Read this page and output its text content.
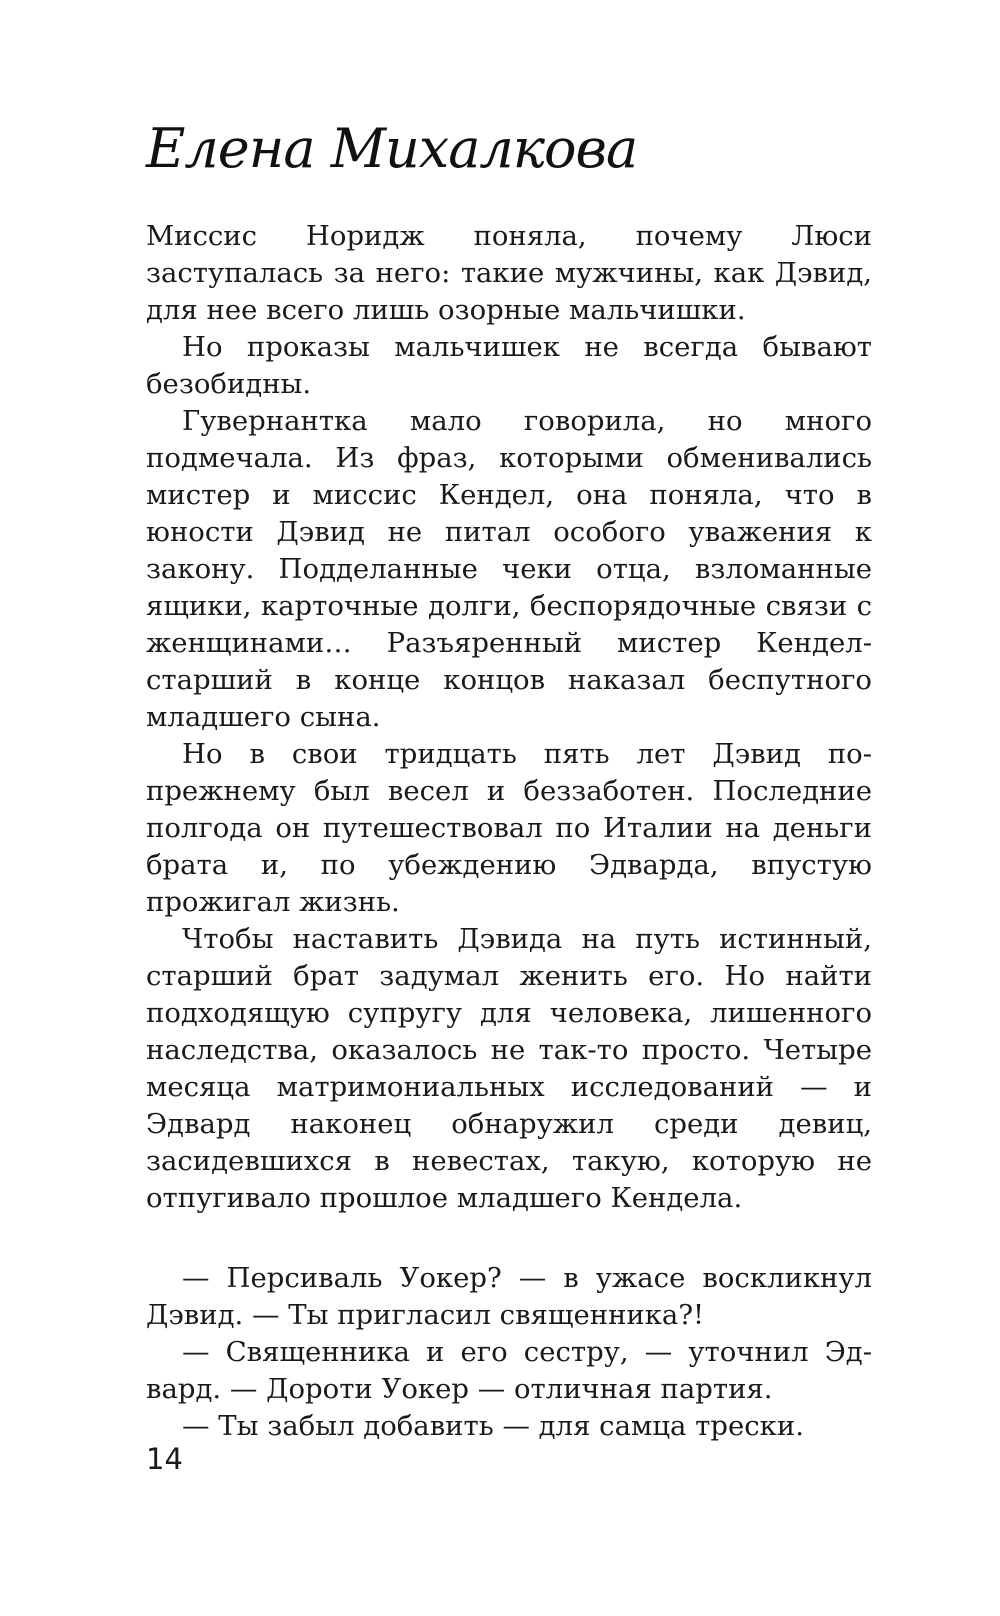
Елена Михалкова

Миссис Норидж поняла, почему Люси заступалась за него: такие мужчины, как Дэвид, для нее всего лишь озорные мальчишки.

Но проказы мальчишек не всегда бывают безобидны.

Гувернантка мало говорила, но много подмечала. Из фраз, которыми обменивались мистер и миссис Кендел, она поняла, что в юности Дэвид не питал особого уважения к закону. Подделанные чеки отца, взломанные ящики, карточные долги, беспорядочные связи с женщинами… Разъяренный мистер Кендел-старший в конце концов наказал беспутного младшего сына.

Но в свои тридцать пять лет Дэвид по-прежнему был весел и беззаботен. Последние полгода он путешествовал по Италии на деньги брата и, по убеждению Эдварда, впустую прожигал жизнь.

Чтобы наставить Дэвида на путь истинный, старший брат задумал женить его. Но найти подходящую супругу для человека, лишенного наследства, оказалось не так-то просто. Четыре месяца матримониальных исследований — и Эдвард наконец обнаружил среди девиц, засидевшихся в невестах, такую, которую не отпугивало прошлое младшего Кендела.

— Персиваль Уокер? — в ужасе воскликнул Дэвид. — Ты пригласил священника?!

— Священника и его сестру, — уточнил Эдвард. — Дороти Уокер — отличная партия.

— Ты забыл добавить — для самца трески.

14
